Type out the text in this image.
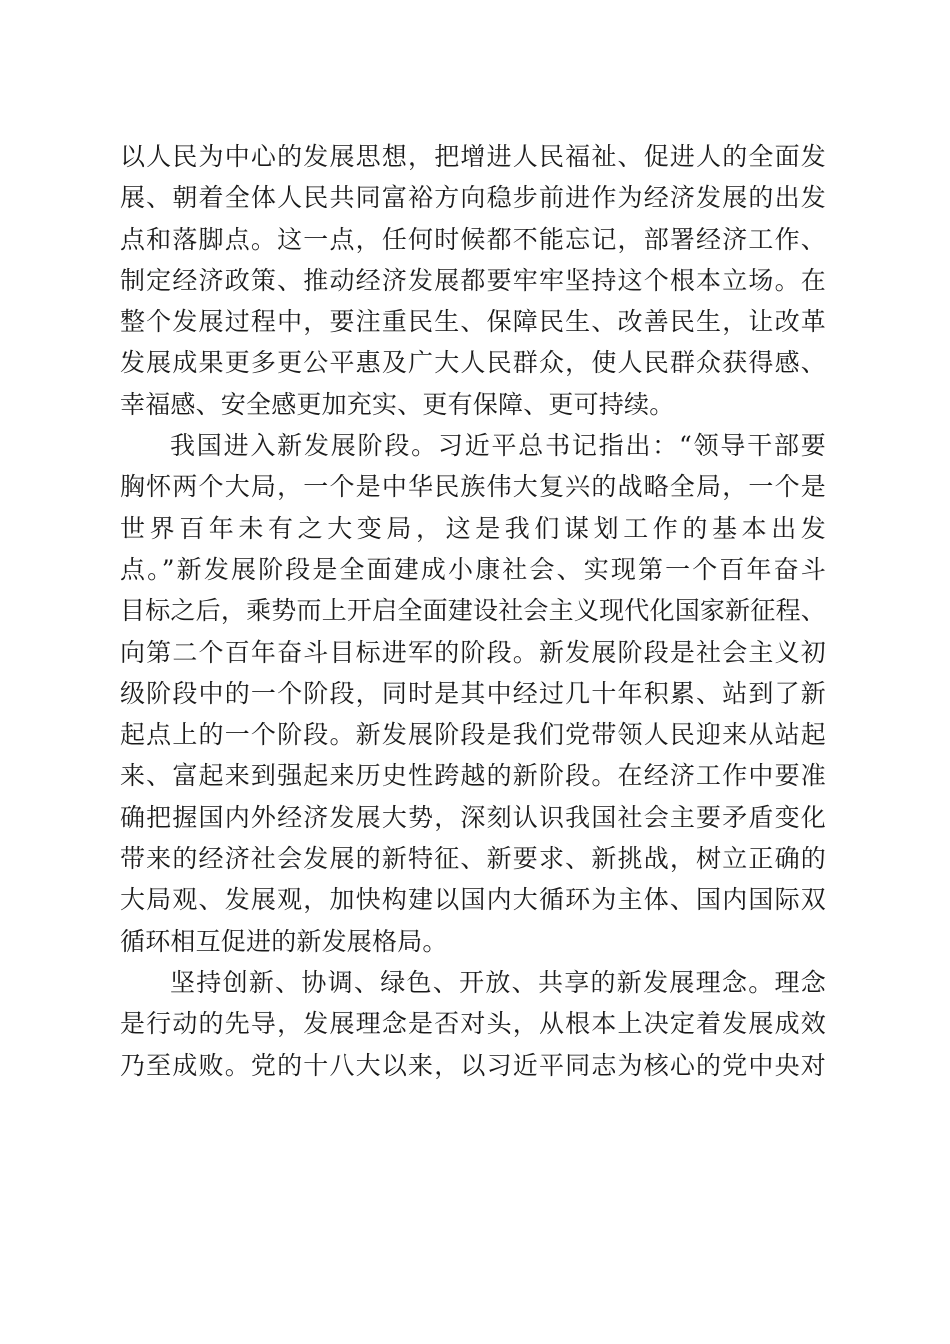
以人民为中心的发展思想，把增进人民福祉、促进人的全面发
展、朝着全体人民共同富裕方向稳步前进作为经济发展的出发
点和落脚点。这一点，任何时候都不能忘记，部署经济工作、
制定经济政策、推动经济发展都要牢牢坚持这个根本立场。在
整个发展过程中，要注重民生、保障民生、改善民生，让改革
发展成果更多更公平惠及广大人民群众，使人民群众获得感、
幸福感、安全感更加充实、更有保障、更可持续。
我国进入新发展阶段。习近平总书记指出：“领导干部要
胸怀两个大局，一个是中华民族伟大复兴的战略全局，一个是
世界百年未有之大变局，这是我们谋划工作的基本出发
点。”新发展阶段是全面建成小康社会、实现第一个百年奋斗
目标之后，乘势而上开启全面建设社会主义现代化国家新征程、
向第二个百年奋斗目标进军的阶段。新发展阶段是社会主义初
级阶段中的一个阶段，同时是其中经过几十年积累、站到了新
起点上的一个阶段。新发展阶段是我们党带领人民迎来从站起
来、富起来到强起来历史性跨越的新阶段。在经济工作中要准
确把握国内外经济发展大势，深刻认识我国社会主要矛盾变化
带来的经济社会发展的新特征、新要求、新挑战，树立正确的
大局观、发展观，加快构建以国内大循环为主体、国内国际双
循环相互促进的新发展格局。
坚持创新、协调、绿色、开放、共享的新发展理念。理念
是行动的先导，发展理念是否对头，从根本上决定着发展成效
乃至成败。党的十八大以来，以习近平同志为核心的党中央对
